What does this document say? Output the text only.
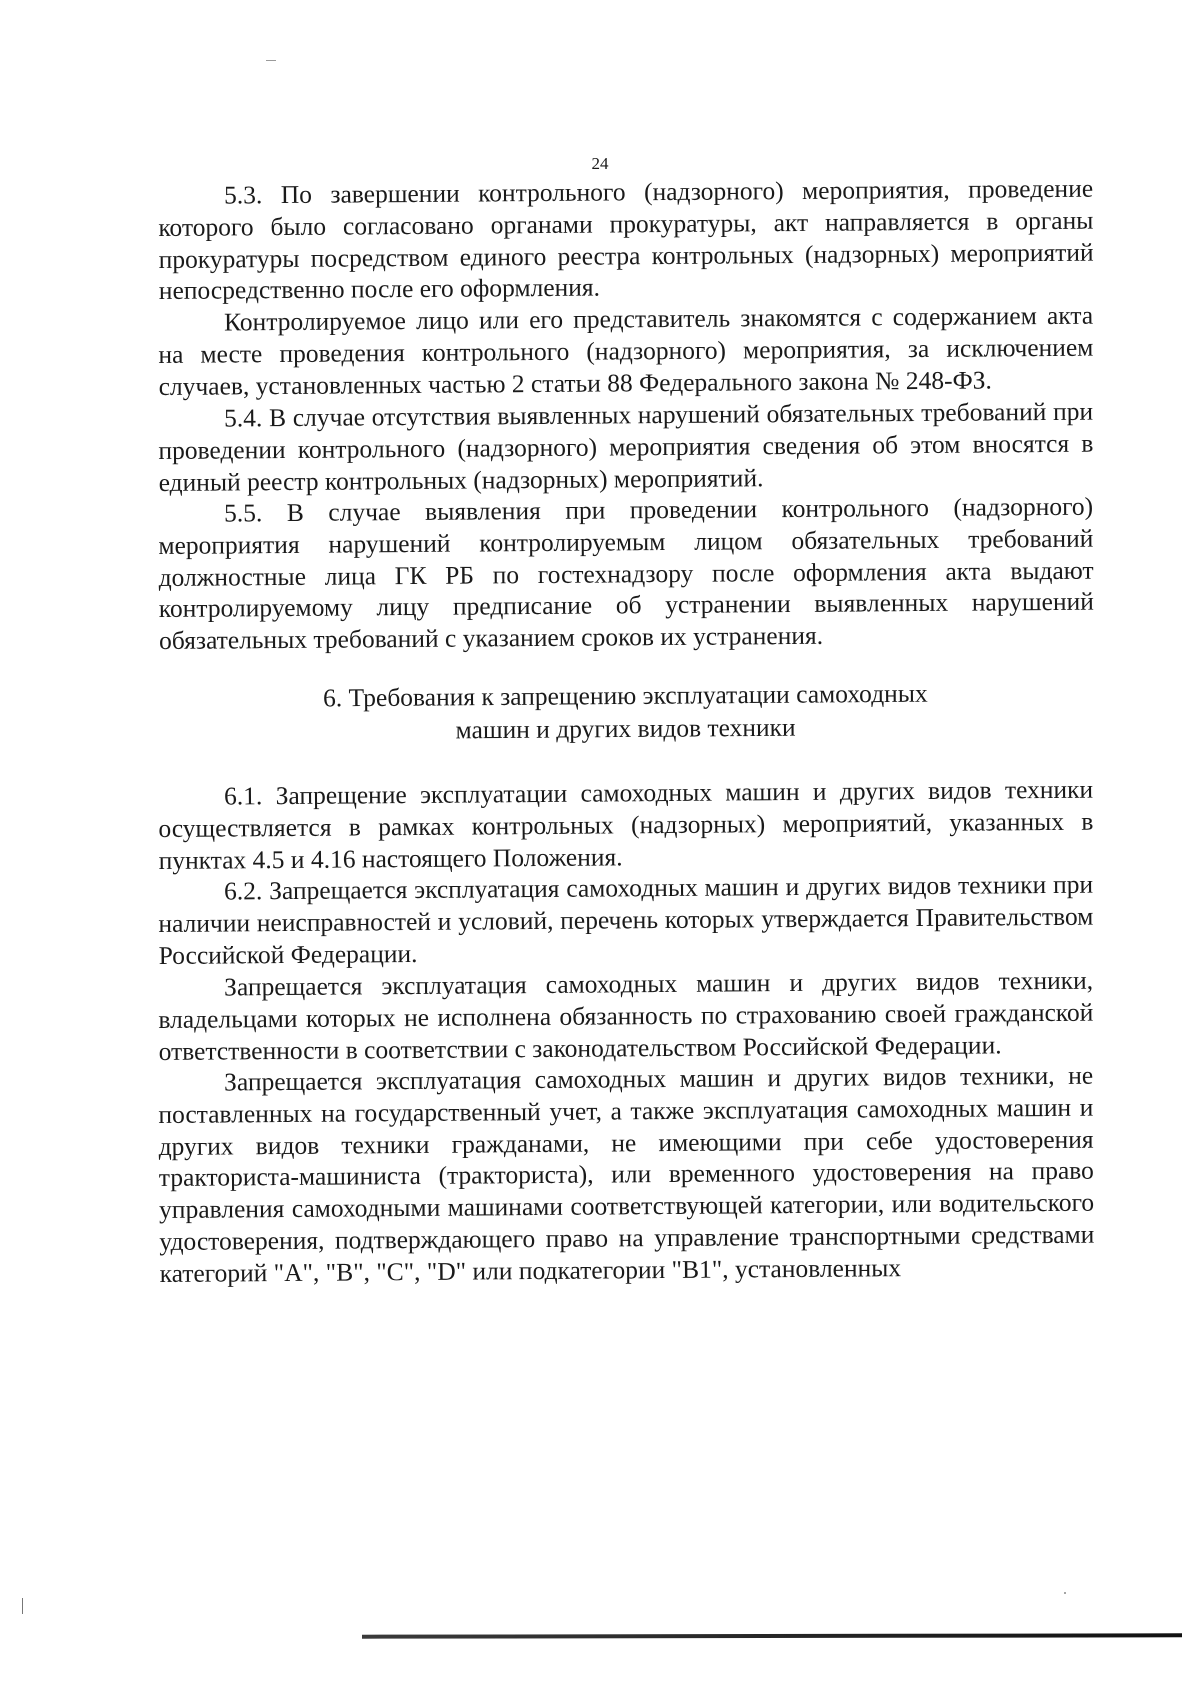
24

5.3. По завершении контрольного (надзорного) мероприятия, проведение которого было согласовано органами прокуратуры, акт направляется в органы прокуратуры посредством единого реестра контрольных (надзорных) мероприятий непосредственно после его оформления.

Контролируемое лицо или его представитель знакомятся с содержанием акта на месте проведения контрольного (надзорного) мероприятия, за исключением случаев, установленных частью 2 статьи 88 Федерального закона № 248-ФЗ.

5.4. В случае отсутствия выявленных нарушений обязательных требований при проведении контрольного (надзорного) мероприятия сведения об этом вносятся в единый реестр контрольных (надзорных) мероприятий.

5.5. В случае выявления при проведении контрольного (надзорного) мероприятия нарушений контролируемым лицом обязательных требований должностные лица ГК РБ по гостехнадзору после оформления акта выдают контролируемому лицу предписание об устранении выявленных нарушений обязательных требований с указанием сроков их устранения.

6. Требования к запрещению эксплуатации самоходных
машин и других видов техники

6.1. Запрещение эксплуатации самоходных машин и других видов техники осуществляется в рамках контрольных (надзорных) мероприятий, указанных в пунктах 4.5 и 4.16 настоящего Положения.

6.2. Запрещается эксплуатация самоходных машин и других видов техники при наличии неисправностей и условий, перечень которых утверждается Правительством Российской Федерации.

Запрещается эксплуатация самоходных машин и других видов техники, владельцами которых не исполнена обязанность по страхованию своей гражданской ответственности в соответствии с законодательством Российской Федерации.

Запрещается эксплуатация самоходных машин и других видов техники, не поставленных на государственный учет, а также эксплуатация самоходных машин и других видов техники гражданами, не имеющими при себе удостоверения тракториста-машиниста (тракториста), или временного удостоверения на право управления самоходными машинами соответствующей категории, или водительского удостоверения, подтверждающего право на управление транспортными средствами категорий "А", "В", "С", "D" или подкатегории "В1", установленных
